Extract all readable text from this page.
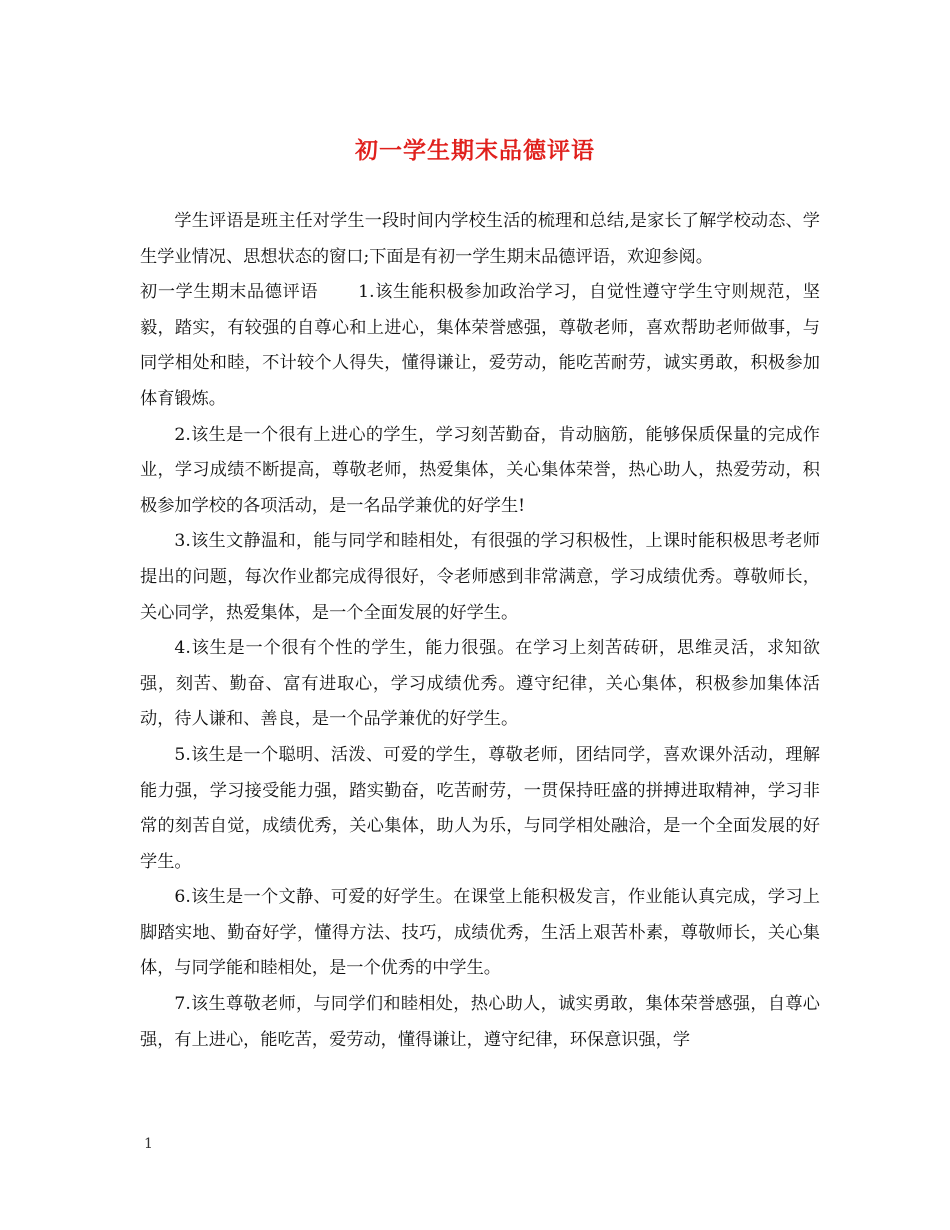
初一学生期末品德评语

学生评语是班主任对学生一段时间内学校生活的梳理和总结,是家长了解学校动态、学生学业情况、思想状态的窗口;下面是有初一学生期末品德评语，欢迎参阅。

初一学生期末品德评语 1.该生能积极参加政治学习，自觉性遵守学生守则规范，坚毅，踏实，有较强的自尊心和上进心，集体荣誉感强，尊敬老师，喜欢帮助老师做事，与同学相处和睦，不计较个人得失，懂得谦让，爱劳动，能吃苦耐劳，诚实勇敢，积极参加体育锻炼。

2.该生是一个很有上进心的学生，学习刻苦勤奋，肯动脑筋，能够保质保量的完成作业，学习成绩不断提高，尊敬老师，热爱集体，关心集体荣誉，热心助人，热爱劳动，积极参加学校的各项活动，是一名品学兼优的好学生!

3.该生文静温和，能与同学和睦相处，有很强的学习积极性，上课时能积极思考老师提出的问题，每次作业都完成得很好，令老师感到非常满意，学习成绩优秀。尊敬师长，关心同学，热爱集体，是一个全面发展的好学生。

4.该生是一个很有个性的学生，能力很强。在学习上刻苦砖研，思维灵活，求知欲强，刻苦、勤奋、富有进取心，学习成绩优秀。遵守纪律，关心集体，积极参加集体活动，待人谦和、善良，是一个品学兼优的好学生。

5.该生是一个聪明、活泼、可爱的学生，尊敬老师，团结同学，喜欢课外活动，理解能力强，学习接受能力强，踏实勤奋，吃苦耐劳，一贯保持旺盛的拼搏进取精神，学习非常的刻苦自觉，成绩优秀，关心集体，助人为乐，与同学相处融洽，是一个全面发展的好学生。

6.该生是一个文静、可爱的好学生。在课堂上能积极发言，作业能认真完成，学习上脚踏实地、勤奋好学，懂得方法、技巧，成绩优秀，生活上艰苦朴素，尊敬师长，关心集体，与同学能和睦相处，是一个优秀的中学生。

7.该生尊敬老师，与同学们和睦相处，热心助人，诚实勇敢，集体荣誉感强，自尊心强，有上进心，能吃苦，爱劳动，懂得谦让，遵守纪律，环保意识强，学

1
